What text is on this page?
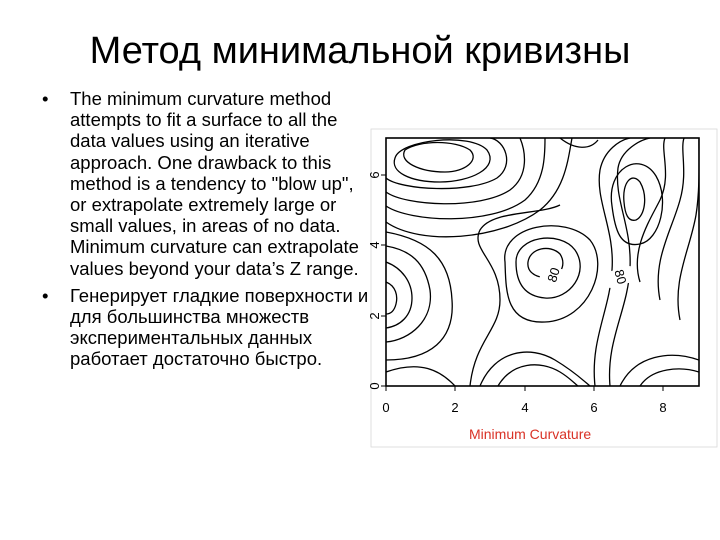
Метод минимальной кривизны
•	The minimum curvature method attempts to fit a surface to all the data values using an iterative approach. One drawback to this method is a tendency to "blow up", or extrapolate extremely large or small values, in areas of no data. Minimum curvature can extrapolate values beyond your data’s Z range.
•	Генерирует гладкие поверхности и для большинства множеств экспериментальных данных работает достаточно быстро.
0
2
4
6
0	2	4	6	8
80	80
Minimum Curvature
